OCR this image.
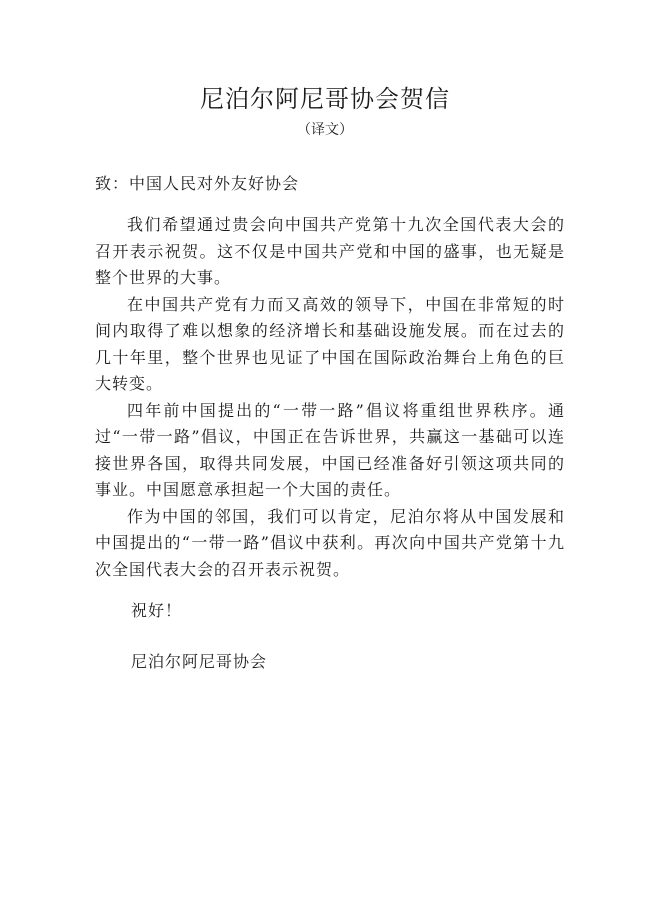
尼泊尔阿尼哥协会贺信
（译文）
致：中国人民对外友好协会

我们希望通过贵会向中国共产党第十九次全国代表大会的召开表示祝贺。这不仅是中国共产党和中国的盛事，也无疑是整个世界的大事。

在中国共产党有力而又高效的领导下，中国在非常短的时间内取得了难以想象的经济增长和基础设施发展。而在过去的几十年里，整个世界也见证了中国在国际政治舞台上角色的巨大转变。

四年前中国提出的“一带一路”倡议将重组世界秩序。通过“一带一路”倡议，中国正在告诉世界，共赢这一基础可以连接世界各国，取得共同发展，中国已经准备好引领这项共同的事业。中国愿意承担起一个大国的责任。

作为中国的邻国，我们可以肯定，尼泊尔将从中国发展和中国提出的“一带一路”倡议中获利。再次向中国共产党第十九次全国代表大会的召开表示祝贺。

祝好！
尼泊尔阿尼哥协会
